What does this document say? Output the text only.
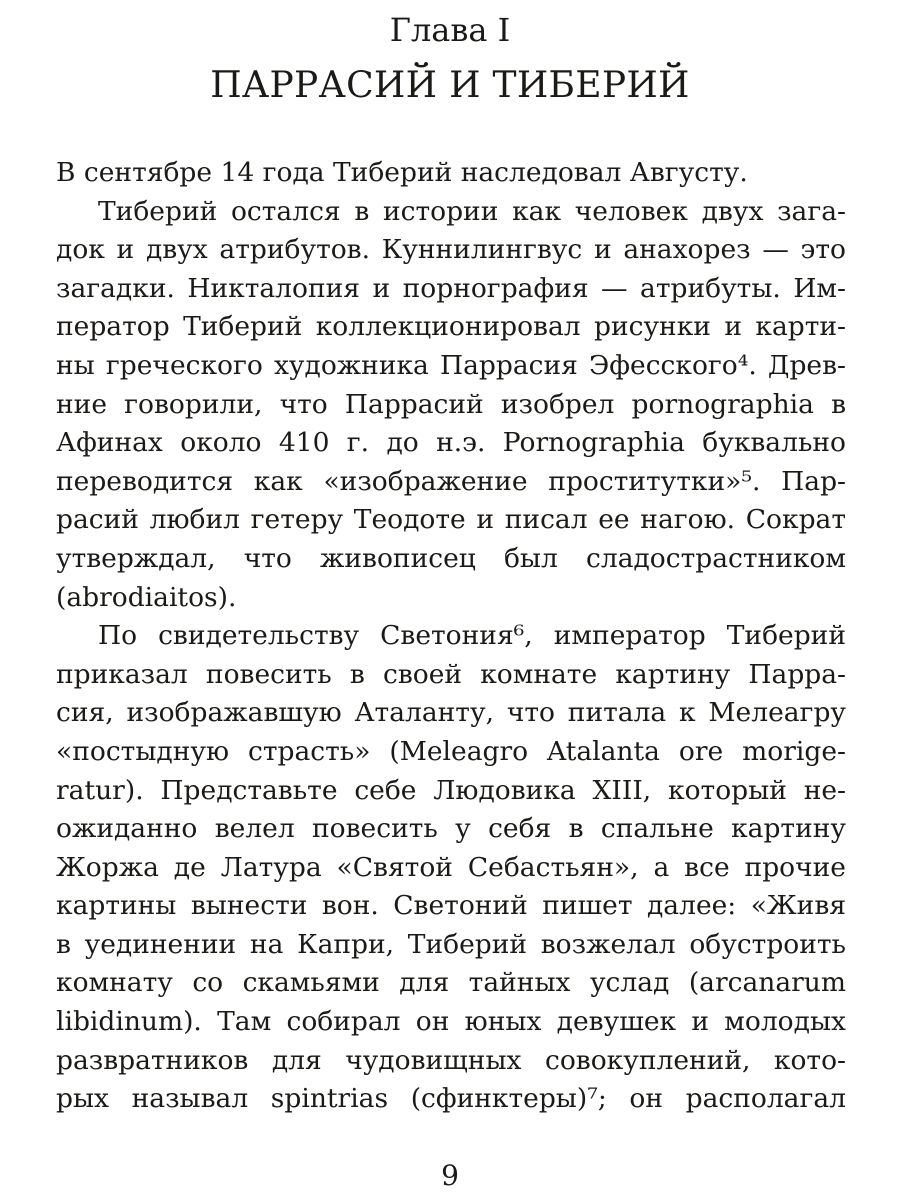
Глава I
ПАРРАСИЙ И ТИБЕРИЙ
В сентябре 14 года Тиберий наследовал Августу.
Тиберий остался в истории как человек двух зага-
док и двух атрибутов. Куннилингвус и анахорез — это
загадки. Никталопия и порнография — атрибуты. Им-
ператор Тиберий коллекционировал рисунки и карти-
ны греческого художника Паррасия Эфесского⁴. Древ-
ние говорили, что Паррасий изобрел pornographia в
Афинах около 410 г. до н.э. Pornographia буквально
переводится как «изображение проститутки»⁵. Пар-
расий любил гетеру Теодоте и писал ее нагою. Сократ
утверждал, что живописец был сладострастником
(abrodiaitos).
По свидетельству Светония⁶, император Тиберий
приказал повесить в своей комнате картину Парра-
сия, изображавшую Аталанту, что питала к Мелеагру
«постыдную страсть» (Meleagro Atalanta ore morige-
ratur). Представьте себе Людовика XIII, который не-
ожиданно велел повесить у себя в спальне картину
Жоржа де Латура «Святой Себастьян», а все прочие
картины вынести вон. Светоний пишет далее: «Живя
в уединении на Капри, Тиберий возжелал обустроить
комнату со скамьями для тайных услад (arcanarum
libidinum). Там собирал он юных девушек и молодых
развратников для чудовищных совокуплений, кото-
рых называл spintrias (сфинктеры)⁷; он располагал
9
